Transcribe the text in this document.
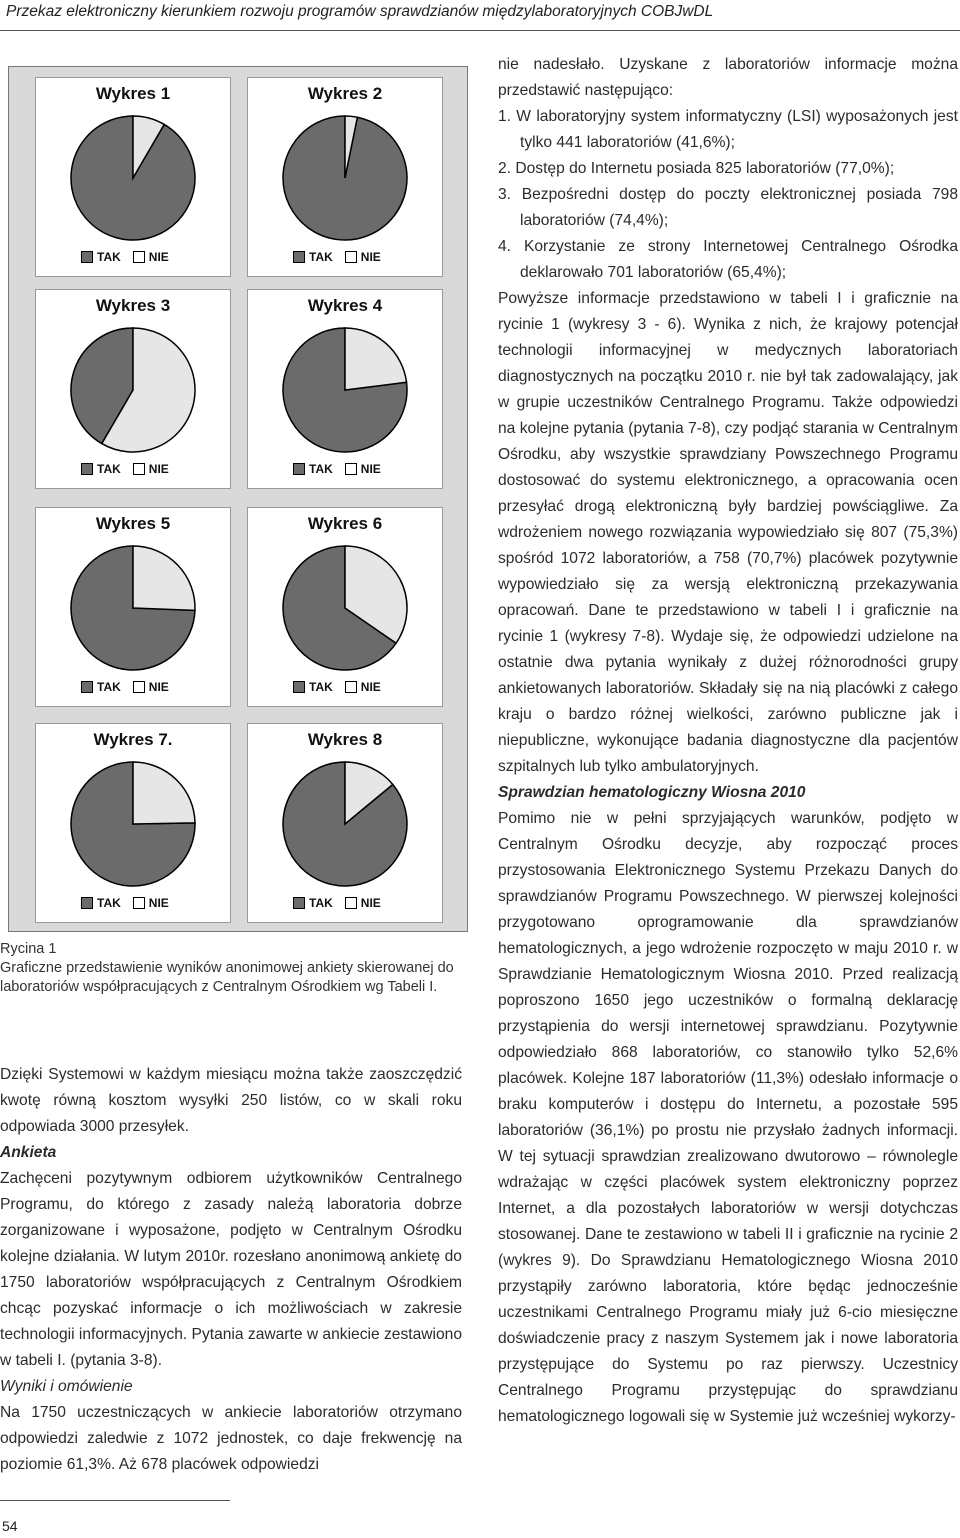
Przekaz elektroniczny kierunkiem rozwoju programów sprawdzianów międzylaboratoryjnych COBJwDL
Wykres 1
TAK NIE
Wykres 2
TAK NIE
Wykres 3
TAK NIE
Wykres 4
TAK NIE
Wykres 5
TAK NIE
Wykres 6
TAK NIE
Wykres 7.
TAK NIE
Wykres 8
TAK NIE

Rycina 1

Graficzne przedstawienie wyników anonimowej ankiety skierowanej do laboratoriów współpracujących z Centralnym Ośrodkiem wg Tabeli I.

Dzięki Systemowi w każdym miesiącu można także zaoszczędzić kwotę równą kosztom wysyłki 250 listów, co w skali roku odpowiada 3000 przesyłek.

Ankieta

Zachęceni pozytywnym odbiorem użytkowników Centralnego Programu, do którego z zasady należą laboratoria dobrze zorganizowane i wyposażone, podjęto w Centralnym Ośrodku kolejne działania. W lutym 2010r. rozesłano anonimową ankietę do 1750 laboratoriów współpracujących z Centralnym Ośrodkiem chcąc pozyskać informacje o ich możliwościach w zakresie technologii informacyjnych. Pytania zawarte w ankiecie zestawiono w tabeli I. (pytania 3-8).

Wyniki i omówienie

Na 1750 uczestniczących w ankiecie laboratoriów otrzymano odpowiedzi zaledwie z 1072 jednostek, co daje frekwencję na poziomie 61,3%. Aż 678 placówek odpowiedzi

nie nadesłało. Uzyskane z laboratoriów informacje można przedstawić następująco:

1. W laboratoryjny system informatyczny (LSI) wyposażonych jest tylko 441 laboratoriów (41,6%);

2. Dostęp do Internetu posiada 825 laboratoriów (77,0%);

3. Bezpośredni dostęp do poczty elektronicznej posiada 798 laboratoriów (74,4%);

4. Korzystanie ze strony Internetowej Centralnego Ośrodka deklarowało 701 laboratoriów (65,4%);

Powyższe informacje przedstawiono w tabeli I i graficznie na rycinie 1 (wykresy 3 - 6). Wynika z nich, że krajowy potencjał technologii informacyjnej w medycznych laboratoriach diagnostycznych na początku 2010 r. nie był tak zadowalający, jak w grupie uczestników Centralnego Programu. Także odpowiedzi na kolejne pytania (pytania 7-8), czy podjąć starania w Centralnym Ośrodku, aby wszystkie sprawdziany Powszechnego Programu dostosować do systemu elektronicznego, a opracowania ocen przesyłać drogą elektroniczną były bardziej powściągliwe. Za wdrożeniem nowego rozwiązania wypowiedziało się 807 (75,3%) spośród 1072 laboratoriów, a 758 (70,7%) placówek pozytywnie wypowiedziało się za wersją elektroniczną przekazywania opracowań. Dane te przedstawiono w tabeli I i graficznie na rycinie 1 (wykresy 7-8). Wydaje się, że odpowiedzi udzielone na ostatnie dwa pytania wynikały z dużej różnorodności grupy ankietowanych laboratoriów. Składały się na nią placówki z całego kraju o bardzo różnej wielkości, zarówno publiczne jak i niepubliczne, wykonujące badania diagnostyczne dla pacjentów szpitalnych lub tylko ambulatoryjnych.

Sprawdzian hematologiczny Wiosna 2010

Pomimo nie w pełni sprzyjających warunków, podjęto w Centralnym Ośrodku decyzje, aby rozpocząć proces przystosowania Elektronicznego Systemu Przekazu Danych do sprawdzianów Programu Powszechnego. W pierwszej kolejności przygotowano oprogramowanie dla sprawdzianów hematologicznych, a jego wdrożenie rozpoczęto w maju 2010 r. w Sprawdzianie Hematologicznym Wiosna 2010. Przed realizacją poproszono 1650 jego uczestników o formalną deklarację przystąpienia do wersji internetowej sprawdzianu. Pozytywnie odpowiedziało 868 laboratoriów, co stanowiło tylko 52,6% placówek. Kolejne 187 laboratoriów (11,3%) odesłało informacje o braku komputerów i dostępu do Internetu, a pozostałe 595 laboratoriów (36,1%) po prostu nie przysłało żadnych informacji. W tej sytuacji sprawdzian zrealizowano dwutorowo – równolegle wdrażając w części placówek system elektroniczny poprzez Internet, a dla pozostałych laboratoriów w wersji dotychczas stosowanej. Dane te zestawiono w tabeli II i graficznie na rycinie 2 (wykres 9). Do Sprawdzianu Hematologicznego Wiosna 2010 przystąpiły zarówno laboratoria, które będąc jednocześnie uczestnikami Centralnego Programu miały już 6-cio miesięczne doświadczenie pracy z naszym Systemem jak i nowe laboratoria przystępujące do Systemu po raz pierwszy. Uczestnicy Centralnego Programu przystępując do sprawdzianu hematologicznego logowali się w Systemie już wcześniej wykorzy-

54
